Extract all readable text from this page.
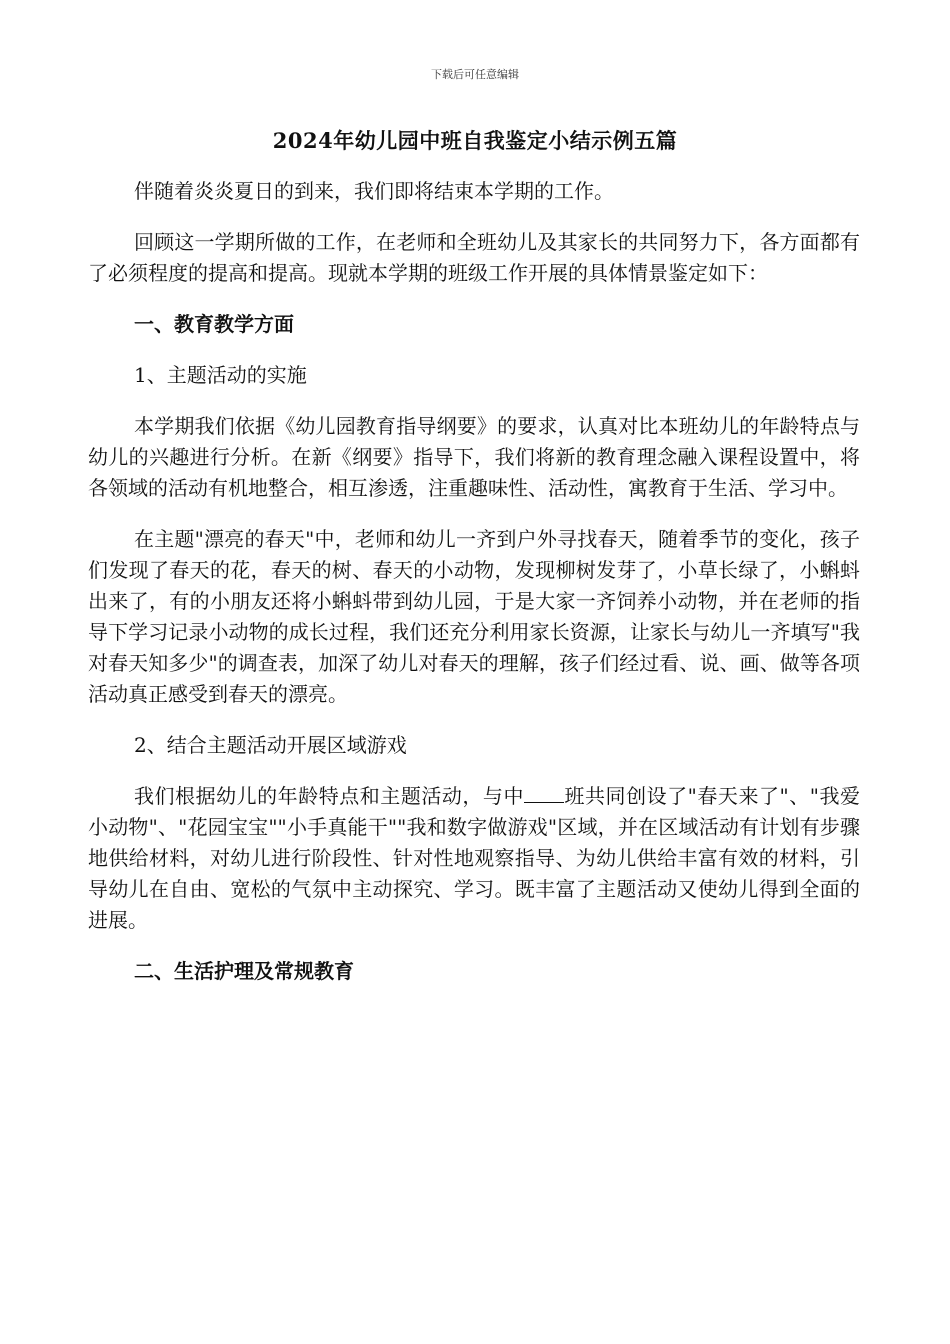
下载后可任意编辑
2024年幼儿园中班自我鉴定小结示例五篇

伴随着炎炎夏日的到来，我们即将结束本学期的工作。

回顾这一学期所做的工作，在老师和全班幼儿及其家长的共同努力下，各方面都有了必须程度的提高和提高。现就本学期的班级工作开展的具体情景鉴定如下：

一、教育教学方面

1、主题活动的实施

本学期我们依据《幼儿园教育指导纲要》的要求，认真对比本班幼儿的年龄特点与幼儿的兴趣进行分析。在新《纲要》指导下，我们将新的教育理念融入课程设置中，将各领域的活动有机地整合，相互渗透，注重趣味性、活动性，寓教育于生活、学习中。

在主题"漂亮的春天"中，老师和幼儿一齐到户外寻找春天，随着季节的变化，孩子们发现了春天的花，春天的树、春天的小动物，发现柳树发芽了，小草长绿了，小蝌蚪出来了，有的小朋友还将小蝌蚪带到幼儿园，于是大家一齐饲养小动物，并在老师的指导下学习记录小动物的成长过程，我们还充分利用家长资源，让家长与幼儿一齐填写"我对春天知多少"的调查表，加深了幼儿对春天的理解，孩子们经过看、说、画、做等各项活动真正感受到春天的漂亮。

2、结合主题活动开展区域游戏

我们根据幼儿的年龄特点和主题活动，与中 班共同创设了"春天来了"、"我爱小动物"、"花园宝宝""小手真能干""我和数字做游戏"区域，并在区域活动有计划有步骤地供给材料，对幼儿进行阶段性、针对性地观察指导、为幼儿供给丰富有效的材料，引导幼儿在自由、宽松的气氛中主动探究、学习。既丰富了主题活动又使幼儿得到全面的进展。

二、生活护理及常规教育
